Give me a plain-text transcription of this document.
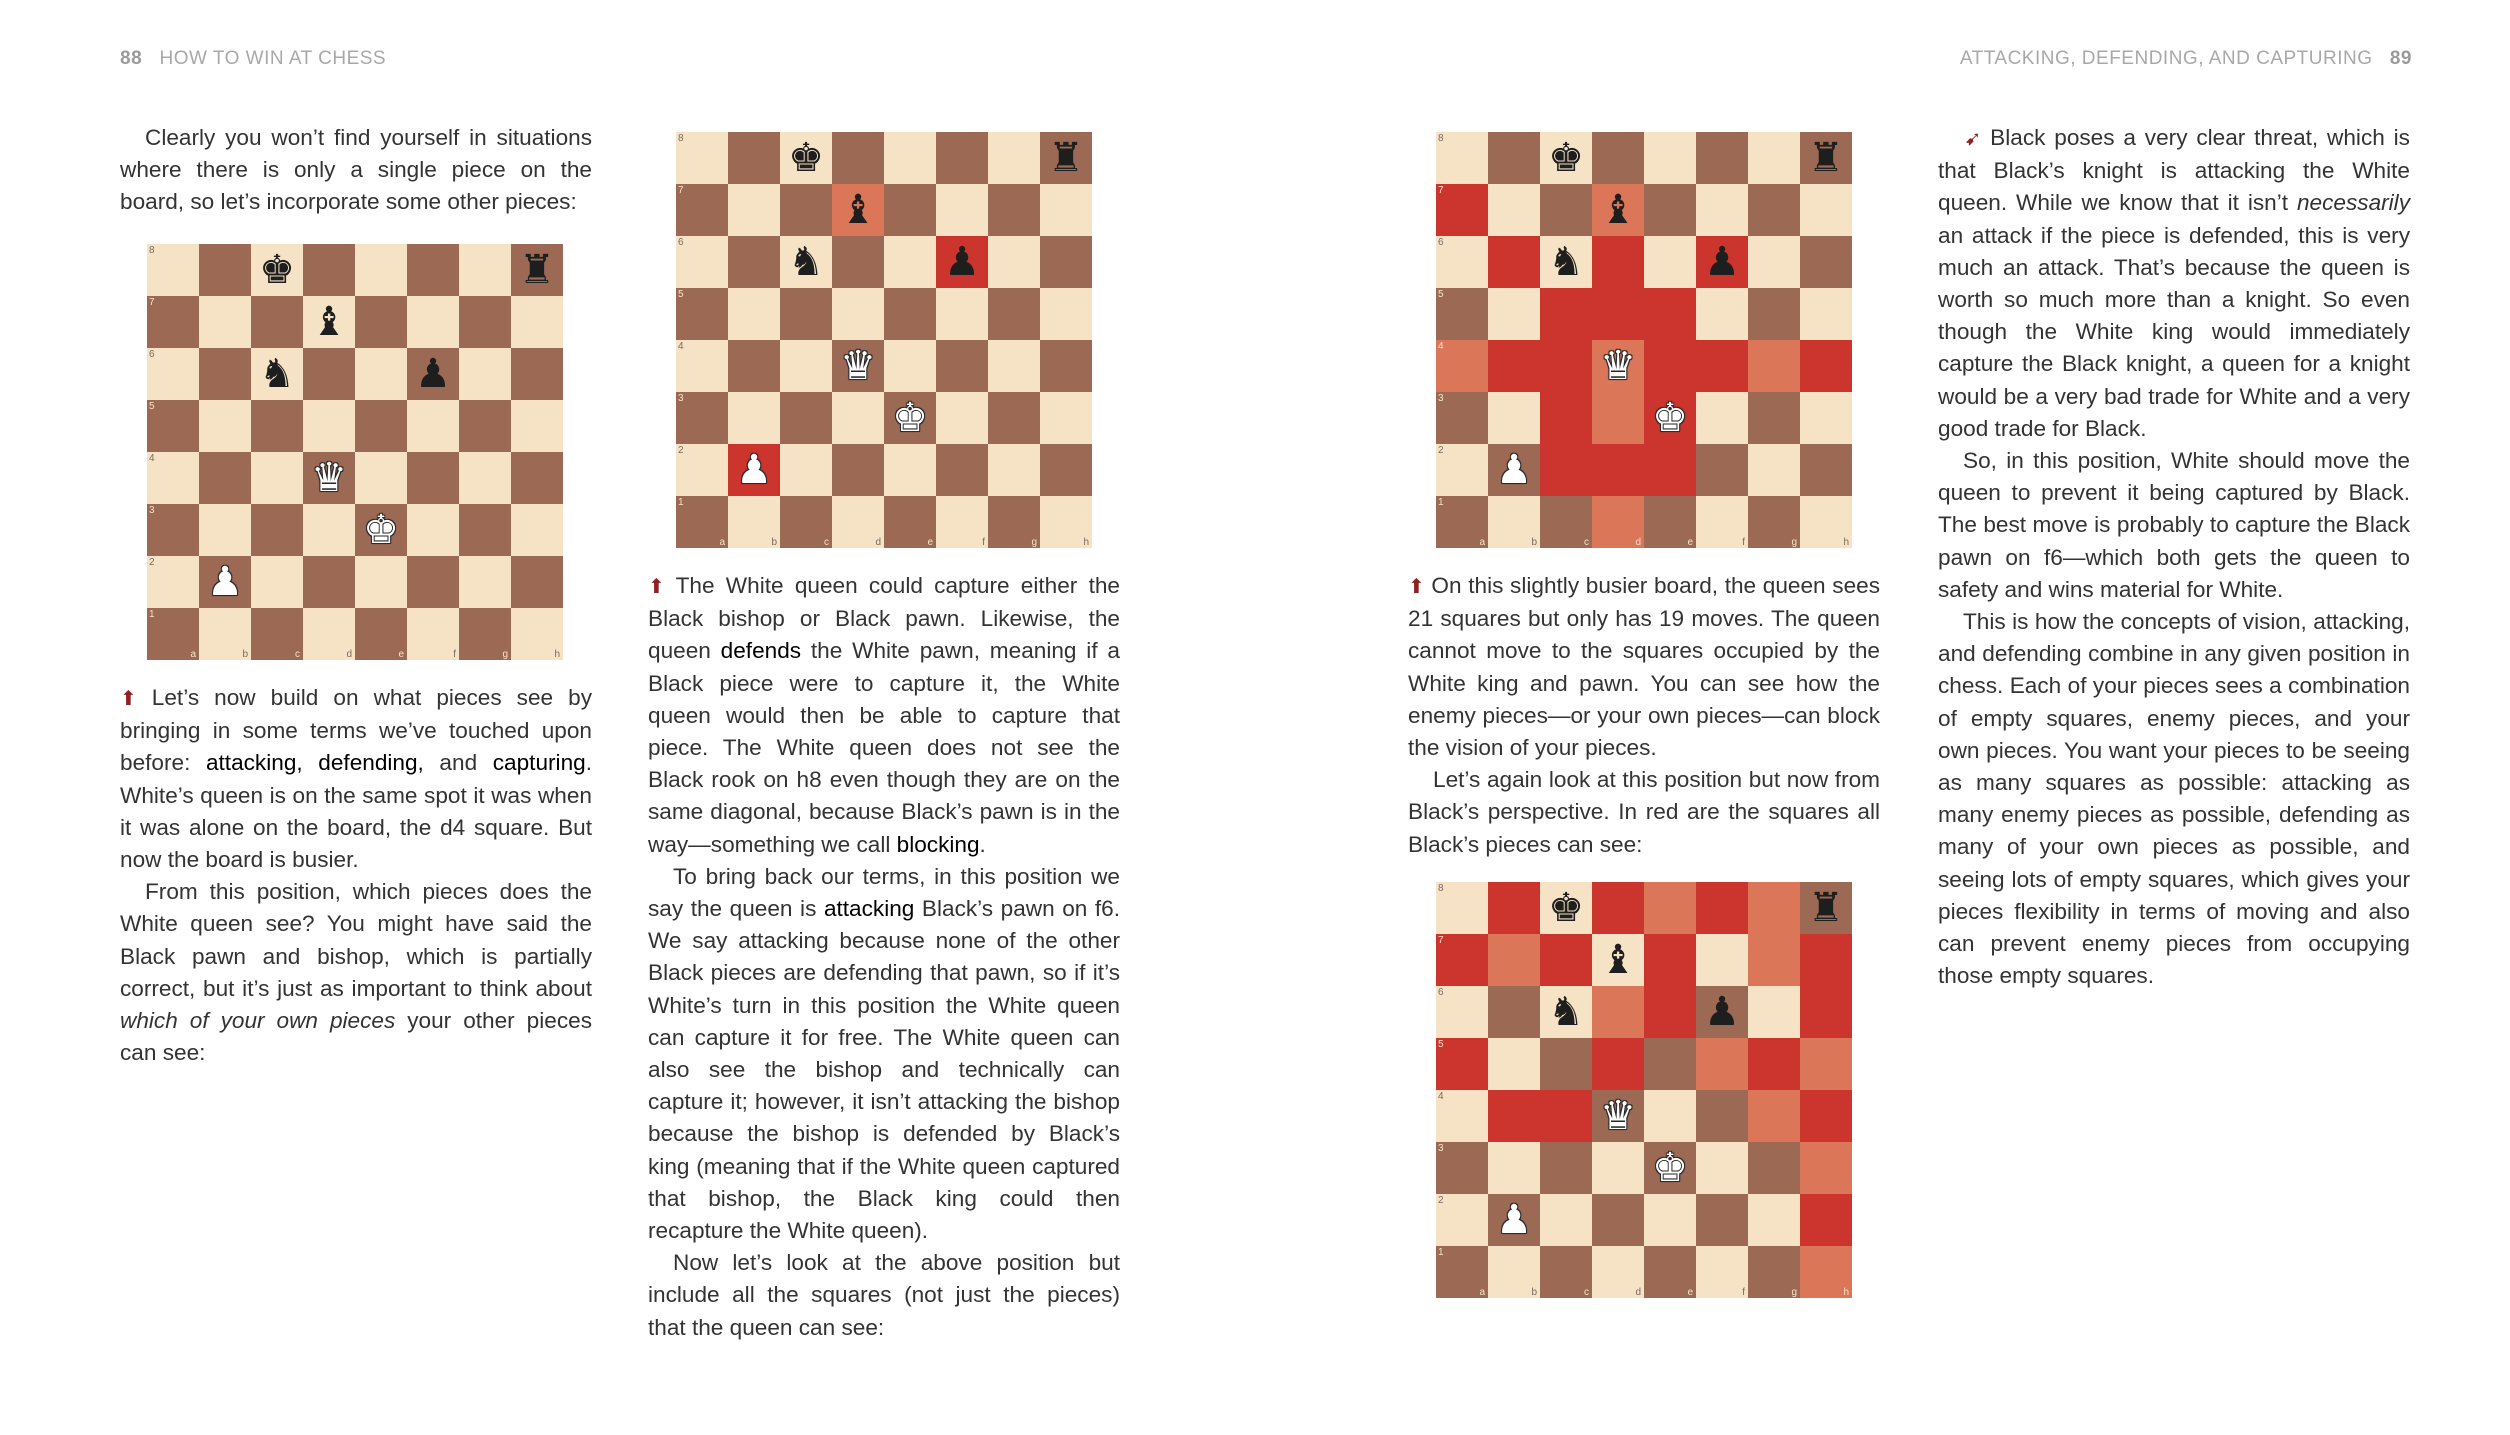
88 HOW TO WIN AT CHESS	ATTACKING, DEFENDING, AND CAPTURING 89

Clearly you won’t find yourself in situations where there is only a single piece on the board, so let’s incorporate some other pieces:

8	♚	♜
7	♝
6	♞	♟
5
4	♛
3	♚
2 ♟
1
a	b	c	d	e	f	g	h

⬆ Let’s now build on what pieces see by bringing in some terms we’ve touched upon before: attacking, defending, and capturing. White’s queen is on the same spot it was when it was alone on the board, the d4 square. But now the board is busier.

From this position, which pieces does the White queen see? You might have said the Black pawn and bishop, which is partially correct, but it’s just as important to think about which of your own pieces your other pieces can see:

8	♚	♜
7	♝
6	♞	♟
5
4	♛
3	♚
2 ♟
1
a	b	c	d	e	f	g	h

⬆ The White queen could capture either the Black bishop or Black pawn. Likewise, the queen defends the White pawn, meaning if a Black piece were to capture it, the White queen would then be able to capture that piece. The White queen does not see the Black rook on h8 even though they are on the same diagonal, because Black’s pawn is in the way—something we call blocking.

To bring back our terms, in this position we say the queen is attacking Black’s pawn on f6. We say attacking because none of the other Black pieces are defending that pawn, so if it’s White’s turn in this position the White queen can capture it for free. The White queen can also see the bishop and technically can capture it; however, it isn’t attacking the bishop because the bishop is defended by Black’s king (meaning that if the White queen captured that bishop, the Black king could then recapture the White queen).

Now let’s look at the above position but include all the squares (not just the pieces) that the queen can see:

8	♚	♜
7	♝
6	♞	♟
5
4	♛
3	♚
2 ♟
1
a	b	c	d	e	f	g	h

⬆ On this slightly busier board, the queen sees 21 squares but only has 19 moves. The queen cannot move to the squares occupied by the White king and pawn. You can see how the enemy pieces—or your own pieces—can block the vision of your pieces.

Let’s again look at this position but now from Black’s perspective. In red are the squares all Black’s pieces can see:

8	♚	♜
7	♝
6	♞	♟
5
4	♛
3	♚
2 ♟
1
a	b	c	d	e	f	g	h

➹ Black poses a very clear threat, which is that Black’s knight is attacking the White queen. While we know that it isn’t necessarily an attack if the piece is defended, this is very much an attack. That’s because the queen is worth so much more than a knight. So even though the White king would immediately capture the Black knight, a queen for a knight would be a very bad trade for White and a very good trade for Black.

So, in this position, White should move the queen to prevent it being captured by Black. The best move is probably to capture the Black pawn on f6—which both gets the queen to safety and wins material for White.

This is how the concepts of vision, attacking, and defending combine in any given position in chess. Each of your pieces sees a combination of empty squares, enemy pieces, and your own pieces. You want your pieces to be seeing as many squares as possible: attacking as many enemy pieces as possible, defending as many of your own pieces as possible, and seeing lots of empty squares, which gives your pieces flexibility in terms of moving and also can prevent enemy pieces from occupying those empty squares.
